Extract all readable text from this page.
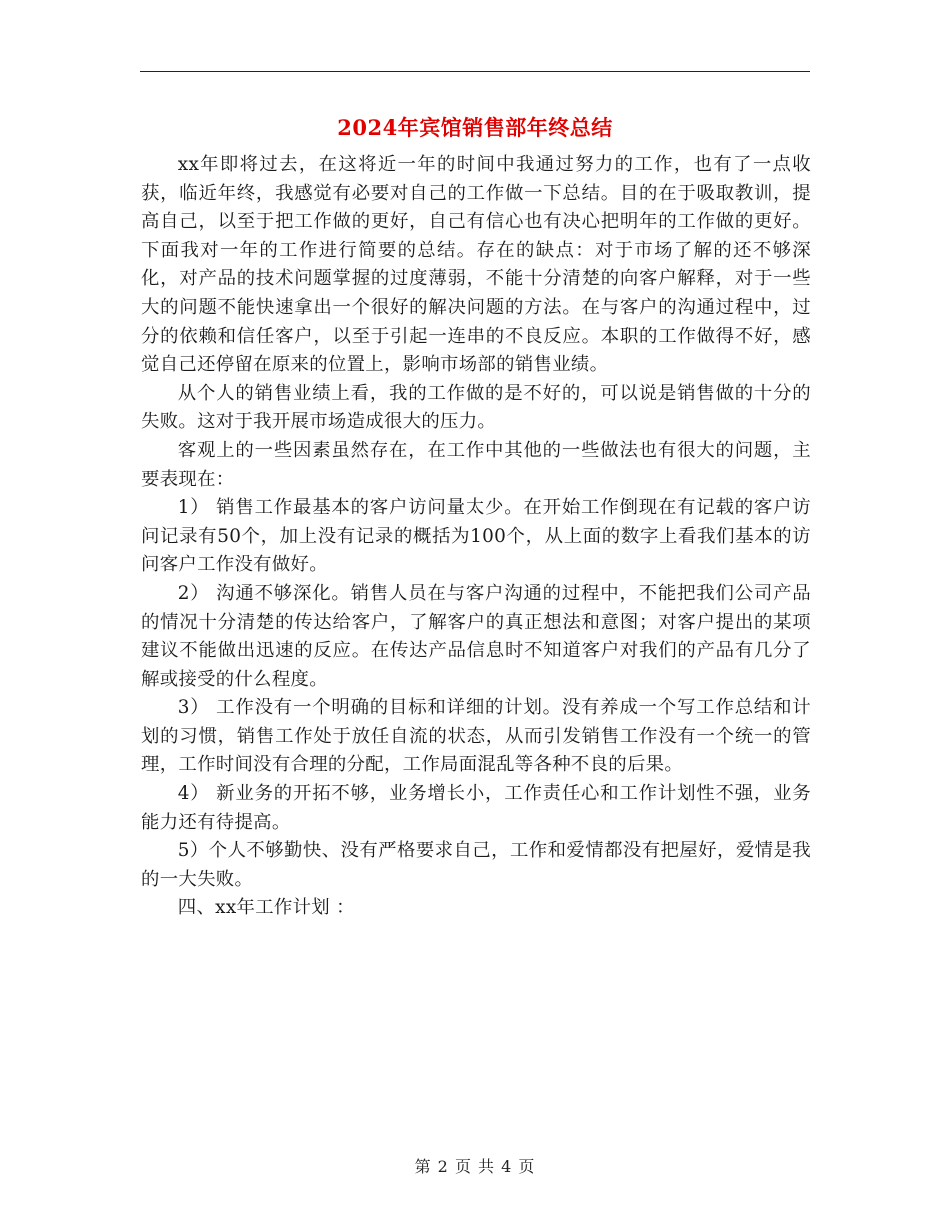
2024年宾馆销售部年终总结

xx年即将过去，在这将近一年的时间中我通过努力的工作，也有了一点收获，临近年终，我感觉有必要对自己的工作做一下总结。目的在于吸取教训，提高自己，以至于把工作做的更好，自己有信心也有决心把明年的工作做的更好。下面我对一年的工作进行简要的总结。存在的缺点：对于市场了解的还不够深化，对产品的技术问题掌握的过度薄弱，不能十分清楚的向客户解释，对于一些大的问题不能快速拿出一个很好的解决问题的方法。在与客户的沟通过程中，过分的依赖和信任客户，以至于引起一连串的不良反应。本职的工作做得不好，感觉自己还停留在原来的位置上，影响市场部的销售业绩。

从个人的销售业绩上看，我的工作做的是不好的，可以说是销售做的十分的失败。这对于我开展市场造成很大的压力。

客观上的一些因素虽然存在，在工作中其他的一些做法也有很大的问题，主要表现在：

1） 销售工作最基本的客户访问量太少。在开始工作倒现在有记载的客户访问记录有50个，加上没有记录的概括为100个，从上面的数字上看我们基本的访问客户工作没有做好。

2） 沟通不够深化。销售人员在与客户沟通的过程中，不能把我们公司产品的情况十分清楚的传达给客户，了解客户的真正想法和意图；对客户提出的某项建议不能做出迅速的反应。在传达产品信息时不知道客户对我们的产品有几分了解或接受的什么程度。

3） 工作没有一个明确的目标和详细的计划。没有养成一个写工作总结和计划的习惯，销售工作处于放任自流的状态，从而引发销售工作没有一个统一的管理，工作时间没有合理的分配，工作局面混乱等各种不良的后果。

4） 新业务的开拓不够，业务增长小，工作责任心和工作计划性不强，业务能力还有待提高。

5）个人不够勤快、没有严格要求自己，工作和爱情都没有把屋好，爱情是我的一大失败。

四、xx年工作计划 ：

第 2 页 共 4 页
